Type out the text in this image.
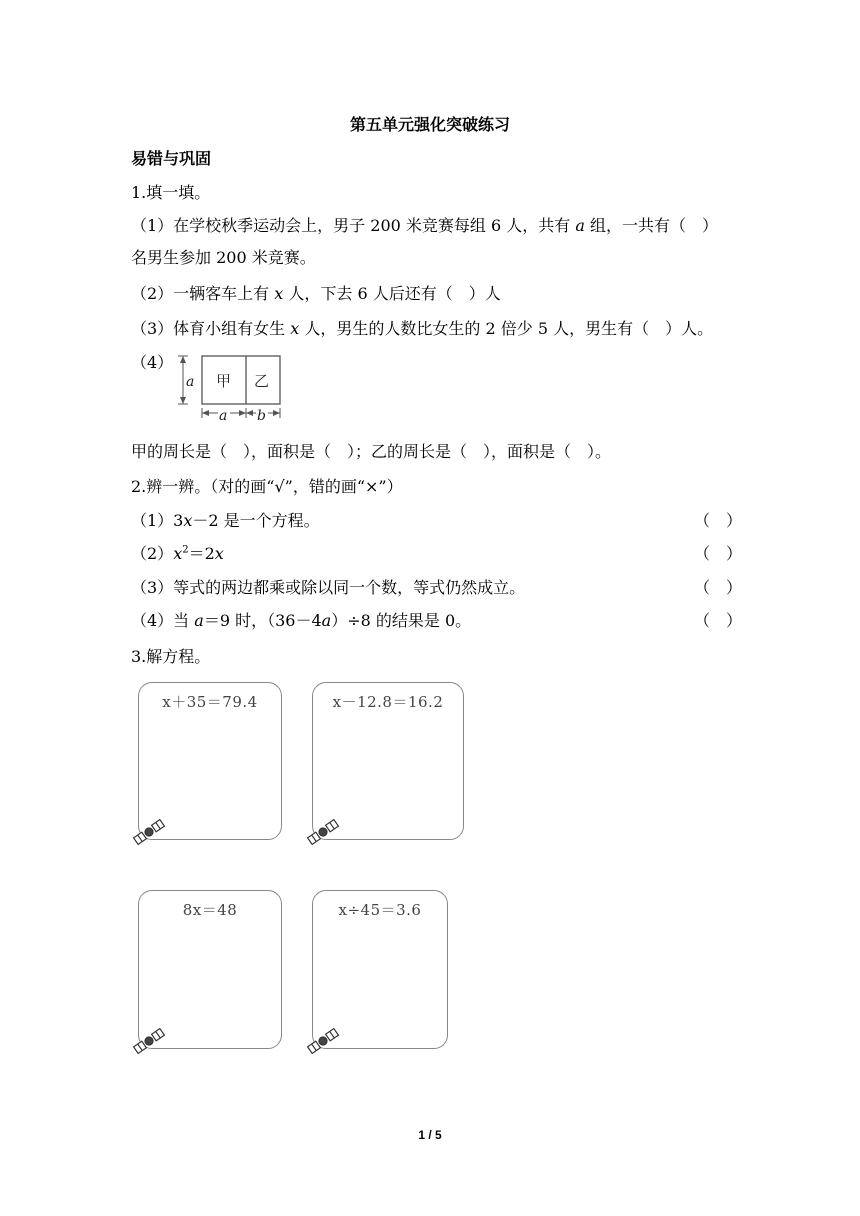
第五单元强化突破练习
易错与巩固
1.填一填。
（1）在学校秋季运动会上，男子 200 米竞赛每组 6 人，共有 a 组，一共有（　）
名男生参加 200 米竞赛。
（2）一辆客车上有 x 人，下去 6 人后还有（　）人
（3）体育小组有女生 x 人，男生的人数比女生的 2 倍少 5 人，男生有（　）人。
（4）
a 甲 乙
a b
甲的周长是（　），面积是（　）；乙的周长是（　），面积是（　）。
2.辨一辨。（对的画“√”，错的画“×”）
（1）3x－2 是一个方程。	（　）
$(2)x^2=2x$	（　）
（3）等式的两边都乘或除以同一个数，等式仍然成立。	（　）
（4）当 a＝9 时，（36－4a）÷8 的结果是 0。	（　）
3.解方程。
x＋35＝79.4	x－12.8＝16.2
8x＝48	x÷45＝3.6
1 / 5
